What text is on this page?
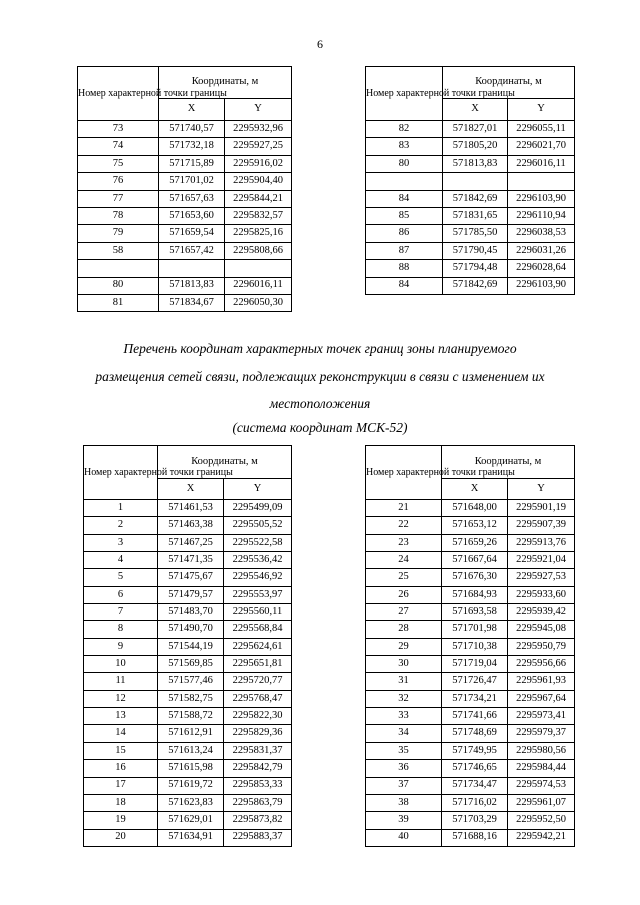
6
Номер характерной точки границы	Координаты, м	
	X	Y
73	571740,57	2295932,96
74	571732,18	2295927,25
75	571715,89	2295916,02
76	571701,02	2295904,40
77	571657,63	2295844,21
78	571653,60	2295832,57
79	571659,54	2295825,16
58	571657,42	2295808,66

80	571813,83	2296016,11
81	571834,67	2296050,30
Номер характерной точки границы	Координаты, м	
	X	Y
82	571827,01	2296055,11
83	571805,20	2296021,70
80	571813,83	2296016,11

84	571842,69	2296103,90
85	571831,65	2296110,94
86	571785,50	2296038,53
87	571790,45	2296031,26
88	571794,48	2296028,64
84	571842,69	2296103,90
Перечень координат характерных точек границ зоны планируемого
размещения сетей связи, подлежащих реконструкции в связи с изменением их
местоположения
(система координат МСК-52)
Номер характерной точки границы	Координаты, м	
	X	Y
1	571461,53	2295499,09
2	571463,38	2295505,52
3	571467,25	2295522,58
4	571471,35	2295536,42
5	571475,67	2295546,92
6	571479,57	2295553,97
7	571483,70	2295560,11
8	571490,70	2295568,84
9	571544,19	2295624,61
10	571569,85	2295651,81
11	571577,46	2295720,77
12	571582,75	2295768,47
13	571588,72	2295822,30
14	571612,91	2295829,36
15	571613,24	2295831,37
16	571615,98	2295842,79
17	571619,72	2295853,33
18	571623,83	2295863,79
19	571629,01	2295873,82
20	571634,91	2295883,37
Номер характерной точки границы	Координаты, м	
	X	Y
21	571648,00	2295901,19
22	571653,12	2295907,39
23	571659,26	2295913,76
24	571667,64	2295921,04
25	571676,30	2295927,53
26	571684,93	2295933,60
27	571693,58	2295939,42
28	571701,98	2295945,08
29	571710,38	2295950,79
30	571719,04	2295956,66
31	571726,47	2295961,93
32	571734,21	2295967,64
33	571741,66	2295973,41
34	571748,69	2295979,37
35	571749,95	2295980,56
36	571746,65	2295984,44
37	571734,47	2295974,53
38	571716,02	2295961,07
39	571703,29	2295952,50
40	571688,16	2295942,21
